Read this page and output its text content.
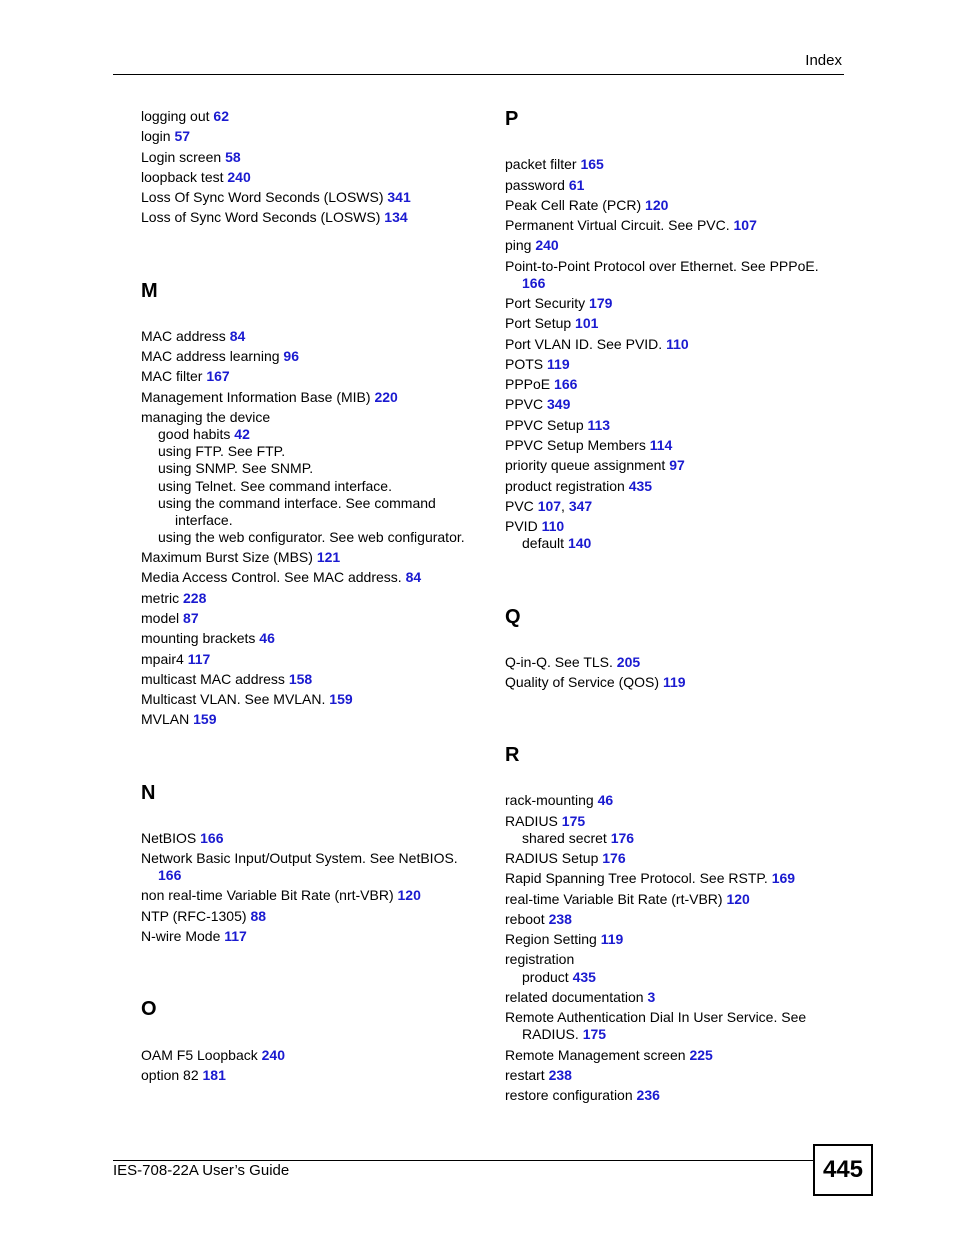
Index
logging out 62
login 57
Login screen 58
loopback test 240
Loss Of Sync Word Seconds (LOSWS) 341
Loss of Sync Word Seconds (LOSWS) 134
M
MAC address 84
MAC address learning 96
MAC filter 167
Management Information Base (MIB) 220
managing the device
good habits 42
using FTP. See FTP.
using SNMP. See SNMP.
using Telnet. See command interface.
using the command interface. See command
interface.
using the web configurator. See web configurator.
Maximum Burst Size (MBS) 121
Media Access Control. See MAC address. 84
metric 228
model 87
mounting brackets 46
mpair4 117
multicast MAC address 158
Multicast VLAN. See MVLAN. 159
MVLAN 159
N
NetBIOS 166
Network Basic Input/Output System. See NetBIOS.
166
non real-time Variable Bit Rate (nrt-VBR) 120
NTP (RFC-1305) 88
N-wire Mode 117
O
OAM F5 Loopback 240
option 82 181
P
packet filter 165
password 61
Peak Cell Rate (PCR) 120
Permanent Virtual Circuit. See PVC. 107
ping 240
Point-to-Point Protocol over Ethernet. See PPPoE.
166
Port Security 179
Port Setup 101
Port VLAN ID. See PVID. 110
POTS 119
PPPoE 166
PPVC 349
PPVC Setup 113
PPVC Setup Members 114
priority queue assignment 97
product registration 435
PVC 107, 347
PVID 110
default 140
Q
Q-in-Q. See TLS. 205
Quality of Service (QOS) 119
R
rack-mounting 46
RADIUS 175
shared secret 176
RADIUS Setup 176
Rapid Spanning Tree Protocol. See RSTP. 169
real-time Variable Bit Rate (rt-VBR) 120
reboot 238
Region Setting 119
registration
product 435
related documentation 3
Remote Authentication Dial In User Service. See
RADIUS. 175
Remote Management screen 225
restart 238
restore configuration 236
IES-708-22A User’s Guide	445
